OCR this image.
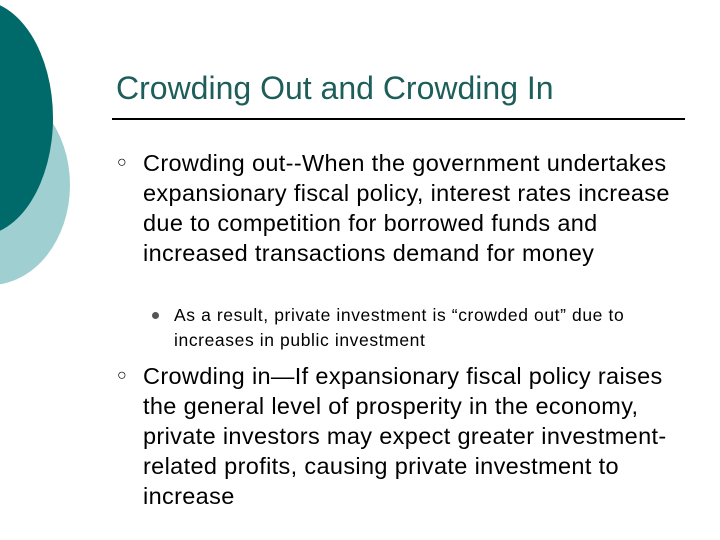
Crowding Out and Crowding In
○ Crowding out--When the government undertakes expansionary fiscal policy, interest rates increase due to competition for borrowed funds and increased transactions demand for money

As a result, private investment is “crowded out” due to increases in public investment

○ Crowding in—If expansionary fiscal policy raises the general level of prosperity in the economy, private investors may expect greater investment-related profits, causing private investment to increase
